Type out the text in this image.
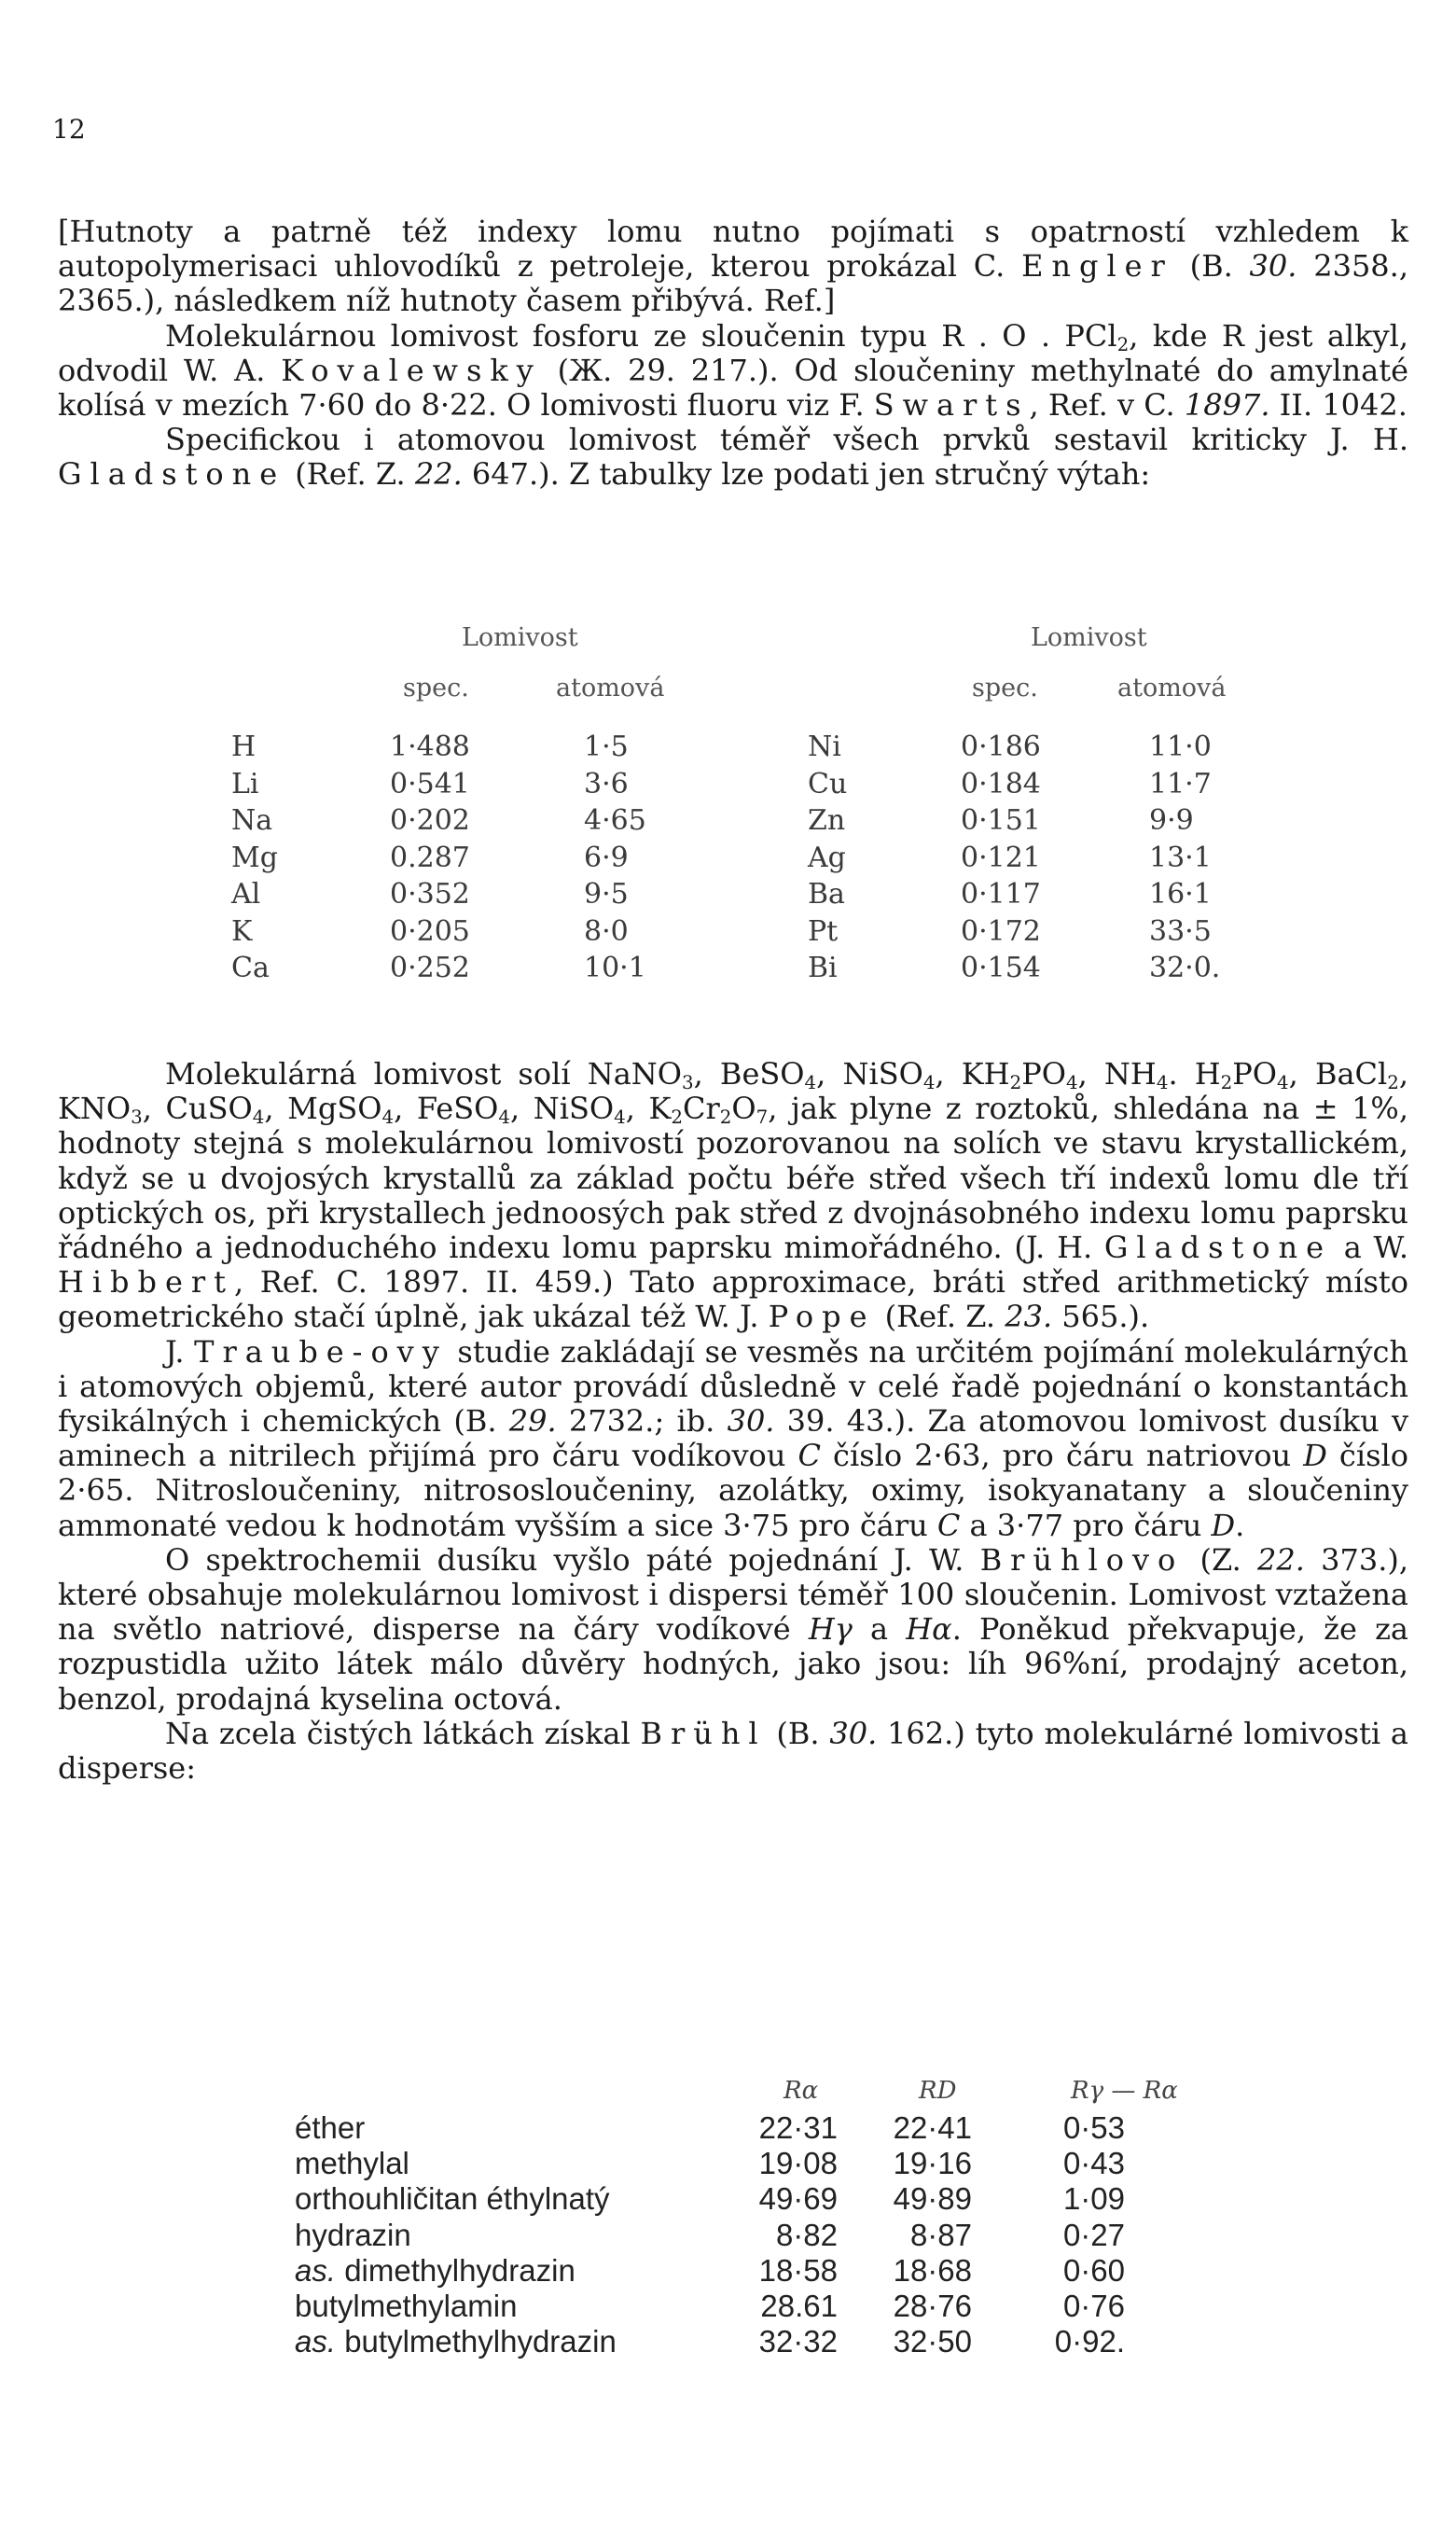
12

[Hutnoty a patrně též indexy lomu nutno pojímati s opatrností vzhledem k autopolymerisaci uhlovodíků z petroleje, kterou prokázal C. Engler (B. 30. 2358., 2365.), následkem níž hutnoty časem přibývá. Ref.]

Molekulárnou lomivost fosforu ze sloučenin typu R . O . PCl$_2$, kde R jest alkyl, odvodil W. A. Kovalewsky (Ж. 29. 217.). Od sloučeniny methylnaté do amylnaté kolísá v mezích 7·60 do 8·22. O lomivosti fluoru viz F. Swarts, Ref. v C. 1897. II. 1042.

Specifickou i atomovou lomivost téměř všech prvků sestavil kriticky J. H. Gladstone (Ref. Z. 22. 647.). Z tabulky lze podati jen stručný výtah:

Lomivost	Lomivost
spec.	atomová	spec.	atomová
H	1·488	1·5
Li	0·541	3·6
Na	0·202	4·65
Mg	0.287	6·9
Al	0·352	9·5
K	0·205	8·0
Ca	0·252	10·1
Ni	0·186	11·0
Cu	0·184	11·7
Zn	0·151	9·9
Ag	0·121	13·1
Ba	0·117	16·1
Pt	0·172	33·5
Bi	0·154	32·0.

Molekulárná lomivost solí NaNO$_3$, BeSO$_4$, NiSO$_4$, $KH_2PO_4$, $NH_4$. $H_2PO_4$, BaCl$_2$, $KNO_3$, CuSO$_4$, MgSO$_4$, FeSO$_4$, NiSO$_4$, $K_2Cr_2O_7$, jak plyne z roztoků, shledána na ± 1%, hodnoty stejná s molekulárnou lomivostí pozorovanou na solích ve stavu krystallickém, když se u dvojosých krystallů za základ počtu béře střed všech tří indexů lomu dle tří optických os, při krystallech jednoosých pak střed z dvojnásobného indexu lomu paprsku řádného a jednoduchého indexu lomu paprsku mimořádného. (J. H. Gladstone a W. Hibbert, Ref. C. 1897. II. 459.) Tato approximace, bráti střed arithmetický místo geometrického stačí úplně, jak ukázal též W. J. Pope (Ref. Z. 23. 565.).

J. Traube-ovy studie zakládají se vesměs na určitém pojímání molekulárných i atomových objemů, které autor provádí důsledně v celé řadě pojednání o konstantách fysikálných i chemických (B. 29. 2732.; ib. 30. 39. 43.). Za atomovou lomivost dusíku v aminech a nitrilech přijímá pro čáru vodíkovou C číslo 2·63, pro čáru natriovou D číslo 2·65. Nitrosloučeniny, nitrososloučeniny, azolátky, oximy, isokyanatany a sloučeniny ammonaté vedou k hodnotám vyšším a sice 3·75 pro čáru C a 3·77 pro čáru D.

O spektrochemii dusíku vyšlo páté pojednání J. W. Brühlovo (Z. 22. 373.), které obsahuje molekulárnou lomivost i dispersi téměř 100 sloučenin. Lomivost vztažena na světlo natriové, disperse na čáry vodíkové Hγ a Hα. Poněkud překvapuje, že za rozpustidla užito látek málo důvěry hodných, jako jsou: líh 96%ní, prodajný aceton, benzol, prodajná kyselina octová.

Na zcela čistých látkách získal Brühl (B. 30. 162.) tyto molekulárné lomivosti a disperse:

Rα	RD	Rγ — Rα
éther		22·31		22·41		0·53
methylal		19·08		19·16		0·43
orthouhličitan éthylnatý		49·69		49·89		1·09
hydrazin		8·82		8·87		0·27
as. dimethylhydrazin		18·58		18·68		0·60
butylmethylamin		28.61		28·76		0·76
as. butylmethylhydrazin		32·32		32·50		0·92.
